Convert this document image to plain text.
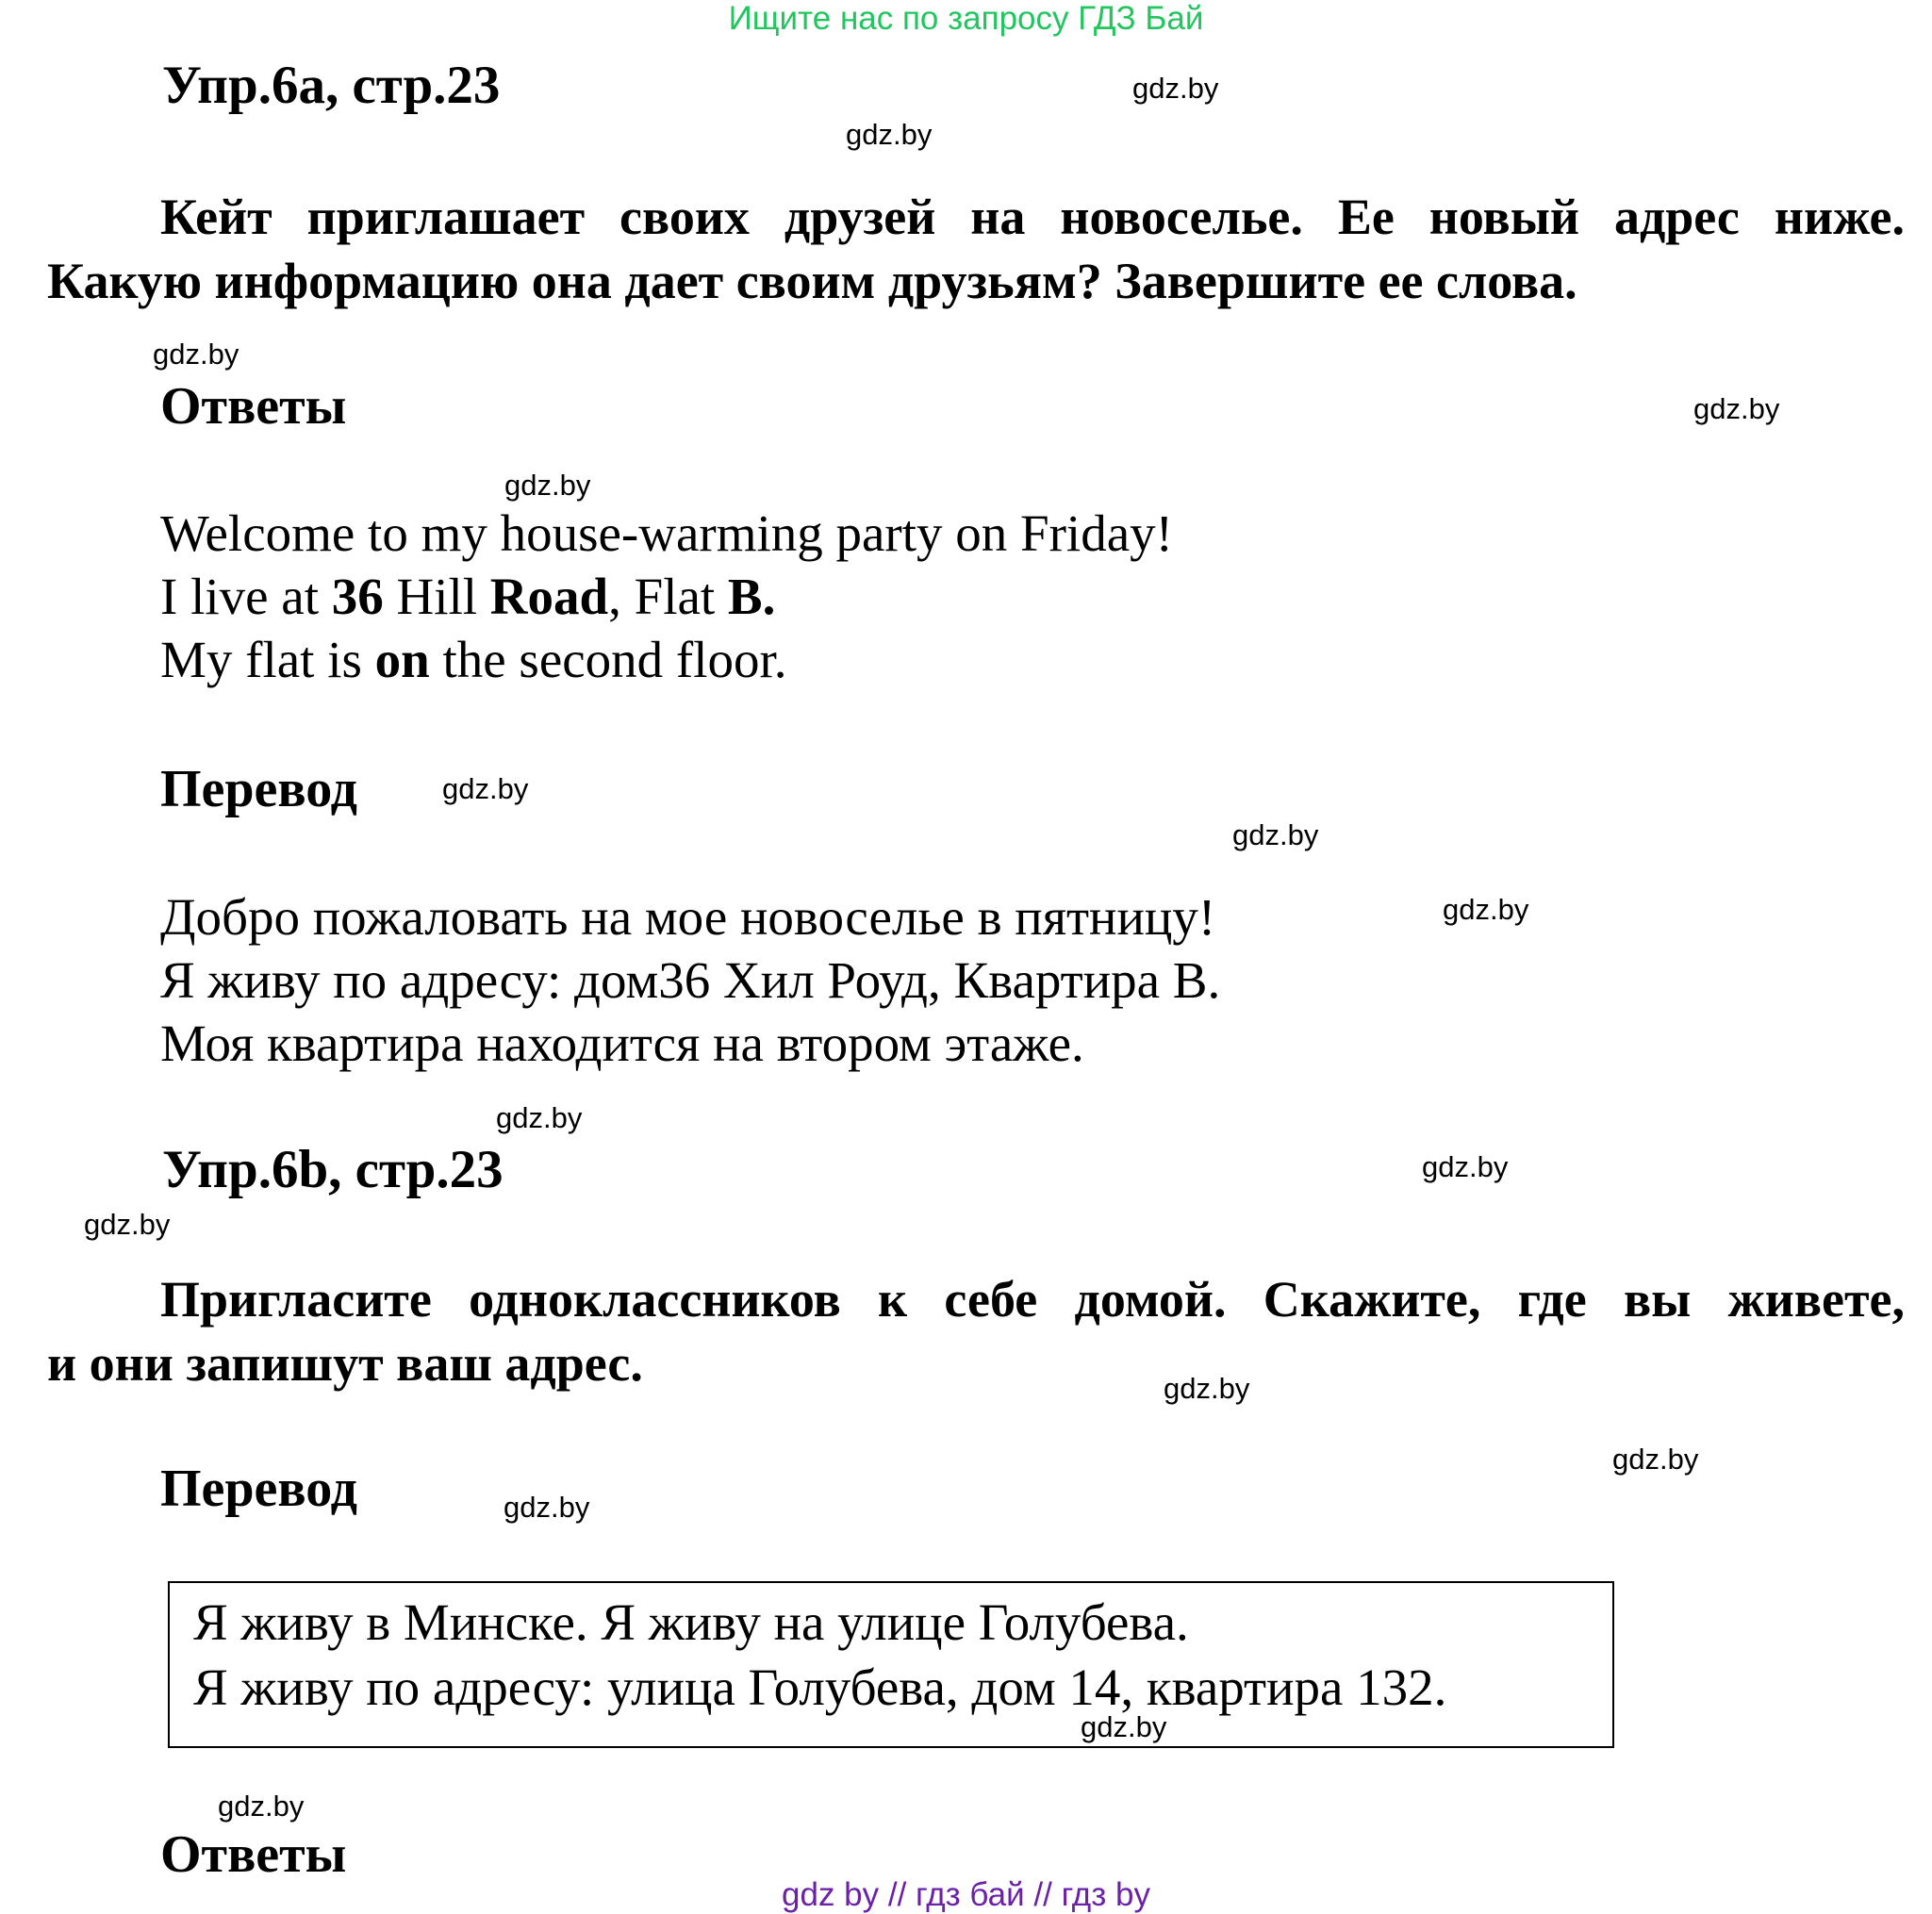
Ищите нас по запросу ГДЗ Бай
Упр.6а, стр.23
Кейт приглашает своих друзей на новоселье. Ее новый адрес ниже.
Какую информацию она дает своим друзьям? Завершите ее слова.
Ответы
Welcome to my house-warming party on Friday!
I live at 36 Hill Road, Flat B.
My flat is on the second floor.
Перевод
Добро пожаловать на мое новоселье в пятницу!
Я живу по адресу: дом36 Хил Роуд, Квартира В.
Моя квартира находится на втором этаже.
Упр.6b, стр.23
Пригласите одноклассников к себе домой. Скажите, где вы живете,
и они запишут ваш адрес.
Перевод
Я живу в Минске. Я живу на улице Голубева.
Я живу по адресу: улица Голубева, дом 14, квартира 132.
Ответы
gdz.by
gdz.by
gdz.by
gdz.by
gdz.by
gdz.by
gdz.by
gdz.by
gdz.by
gdz.by
gdz.by
gdz.by
gdz.by
gdz.by
gdz.by
gdz.by
gdz by // гдз бай // гдз by
